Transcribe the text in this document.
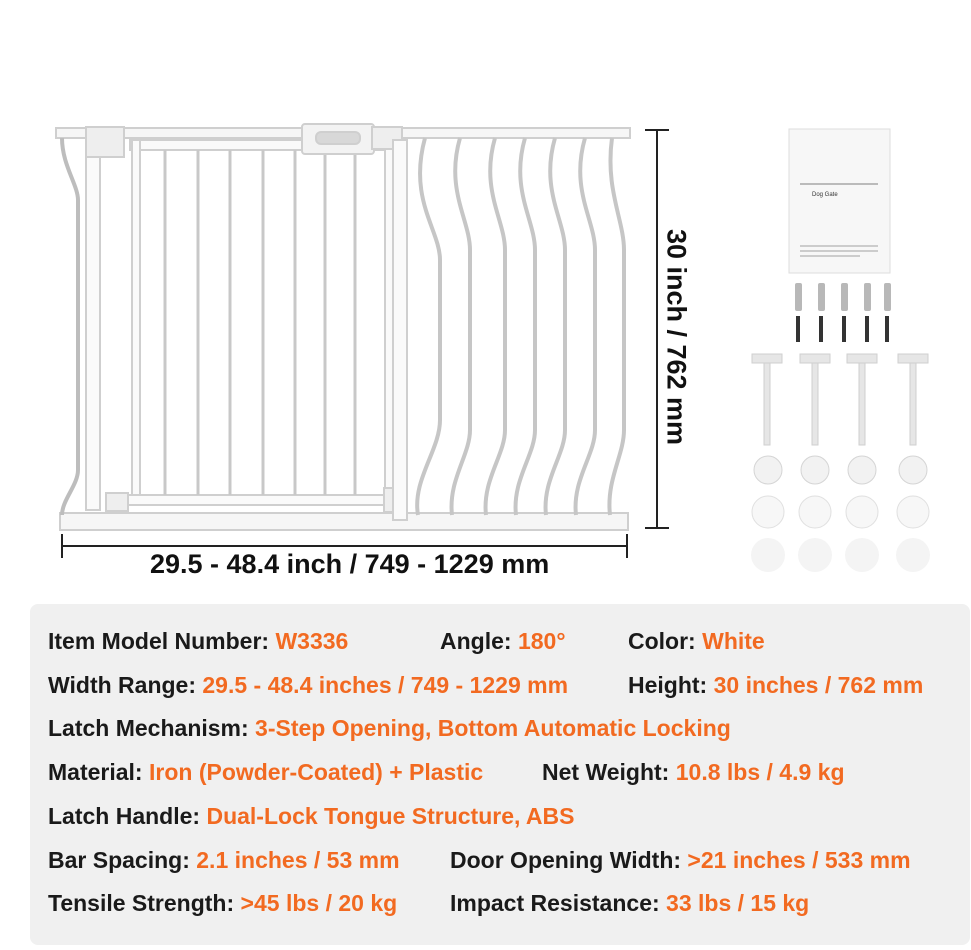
Dog Gate
29.5 - 48.4 inch / 749 - 1229 mm
30 inch / 762 mm
Item Model Number: W3336	Angle: 180°	Color: White
Width Range: 29.5 - 48.4 inches / 749 - 1229 mm	Height: 30 inches / 762 mm
Latch Mechanism: 3-Step Opening, Bottom Automatic Locking
Material: Iron (Powder-Coated) + Plastic	Net Weight: 10.8 lbs / 4.9 kg
Latch Handle: Dual-Lock Tongue Structure, ABS
Bar Spacing: 2.1 inches / 53 mm Door Opening Width: >21 inches / 533 mm
Tensile Strength: >45 lbs / 20 kg Impact Resistance: 33 lbs / 15 kg
